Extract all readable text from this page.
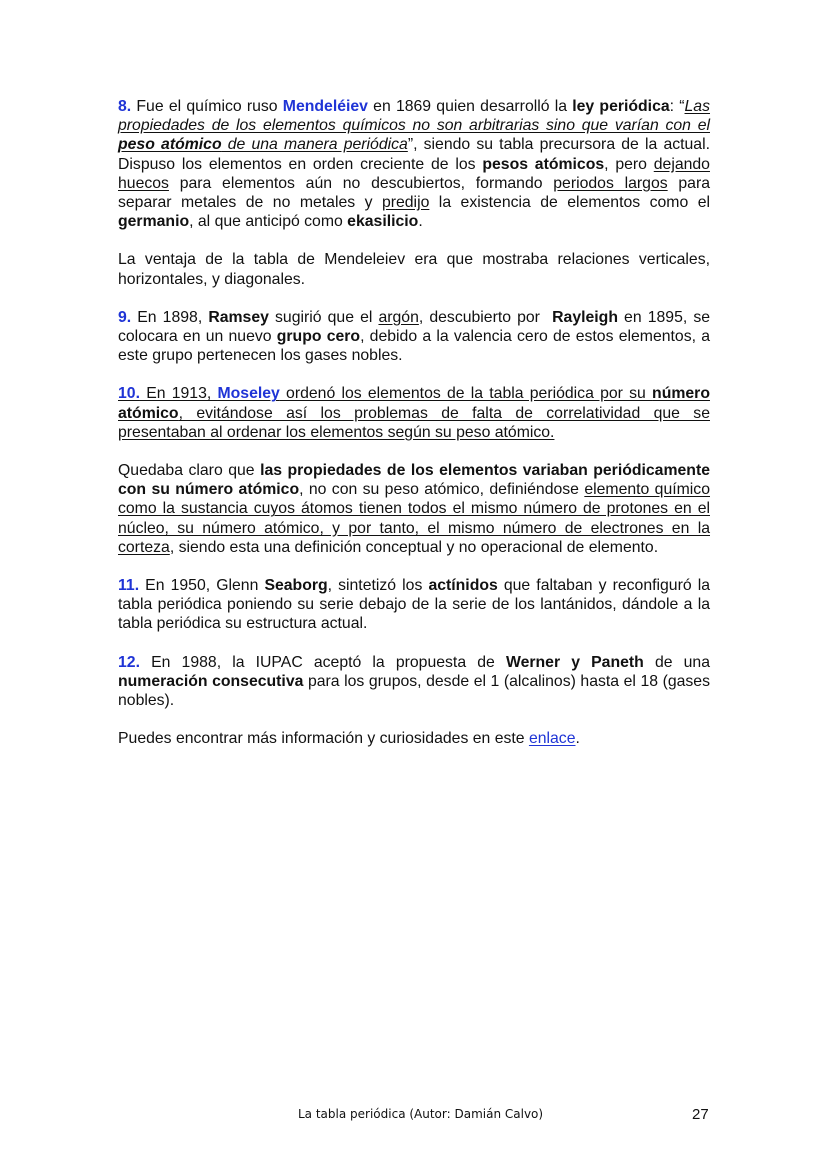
8. Fue el químico ruso Mendeléiev en 1869 quien desarrolló la ley periódica: “Las propiedades de los elementos químicos no son arbitrarias sino que varían con el peso atómico de una manera periódica”, siendo su tabla precursora de la actual. Dispuso los elementos en orden creciente de los pesos atómicos, pero dejando huecos para elementos aún no descubiertos, formando periodos largos para separar metales de no metales y predijo la existencia de elementos como el germanio, al que anticipó como ekasilicio.

La ventaja de la tabla de Mendeleiev era que mostraba relaciones verticales, horizontales, y diagonales.

9. En 1898, Ramsey sugirió que el argón, descubierto por  Rayleigh en 1895, se colocara en un nuevo grupo cero, debido a la valencia cero de estos elementos, a este grupo pertenecen los gases nobles.

10. En 1913, Moseley ordenó los elementos de la tabla periódica por su número atómico, evitándose así los problemas de falta de correlatividad que se presentaban al ordenar los elementos según su peso atómico.

Quedaba claro que las propiedades de los elementos variaban periódicamente con su número atómico, no con su peso atómico, definiéndose elemento químico como la sustancia cuyos átomos tienen todos el mismo número de protones en el núcleo, su número atómico, y por tanto, el mismo número de electrones en la corteza, siendo esta una definición conceptual y no operacional de elemento.

11. En 1950, Glenn Seaborg, sintetizó los actínidos que faltaban y reconfiguró la tabla periódica poniendo su serie debajo de la serie de los lantánidos, dándole a la tabla periódica su estructura actual.

12. En 1988, la IUPAC aceptó la propuesta de Werner y Paneth de una numeración consecutiva para los grupos, desde el 1 (alcalinos) hasta el 18 (gases nobles).

Puedes encontrar más información y curiosidades en este enlace.

La tabla periódica (Autor: Damián Calvo)	27
